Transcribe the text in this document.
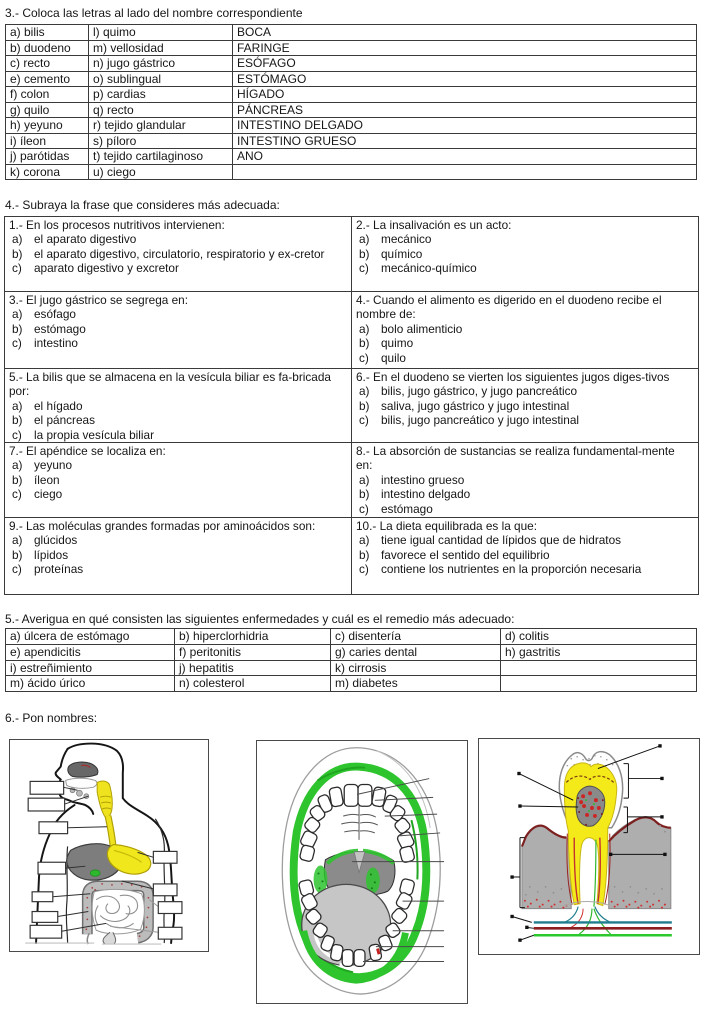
3.- Coloca las letras al lado del nombre correspondiente
a) bilis	l) quimo	BOCA
b) duodeno	m) vellosidad	FARINGE
c) recto	n) jugo gástrico	ESÓFAGO
e) cemento	o) sublingual	ESTÓMAGO
f) colon	p) cardias	HÍGADO
g) quilo	q) recto	PÁNCREAS
h) yeyuno	r) tejido glandular	INTESTINO DELGADO
i) íleon	s) píloro	INTESTINO GRUESO
j) parótidas	t) tejido cartilaginoso	ANO
k) corona	u) ciego	
4.- Subraya la frase que consideres más adecuada:
1.- En los procesos nutritivos intervienen:
a) el aparato digestivo
b) el aparato digestivo, circulatorio, respiratorio y ex-cretor
c)	aparato digestivo y excretor

2.- La insalivación es un acto:
a) mecánico
b) químico
c)	mecánico-químico

3.- El jugo gástrico se segrega en:
a) esófago
b) estómago
c)	intestino

4.- Cuando el alimento es digerido en el duodeno recibe el nombre de:
a) bolo alimenticio
b) quimo
c)	quilo

5.- La bilis que se almacena en la vesícula biliar es fa-bricada por:
a) el hígado
b) el páncreas
c)	la propia vesícula biliar

6.- En el duodeno se vierten los siguientes jugos diges-tivos
a) bilis, jugo gástrico, y jugo pancreático
b) saliva, jugo gástrico y jugo intestinal
c)	bilis, jugo pancreático y jugo intestinal

7.- El apéndice se localiza en:
a) yeyuno
b) íleon
c)	ciego

8.- La absorción de sustancias se realiza fundamental-mente en:
a) intestino grueso
b) intestino delgado
c)	estómago

9.- Las moléculas grandes formadas por aminoácidos son:
a) glúcidos
b) lípidos
c)	proteínas

10.- La dieta equilibrada es la que:
a) tiene igual cantidad de lípidos que de hidratos
b) favorece el sentido del equilibrio
c)	contiene los nutrientes en la proporción necesaria
5.- Averigua en qué consisten las siguientes enfermedades y cuál es el remedio más adecuado:
a) úlcera de estómago	b) hiperclorhidria	c) disentería	d) colitis
e) apendicitis	f) peritonitis	g) caries dental	h) gastritis
i) estreñimiento	j) hepatitis	k) cirrosis	
m) ácido úrico	n) colesterol	m) diabetes	
6.- Pon nombres:
